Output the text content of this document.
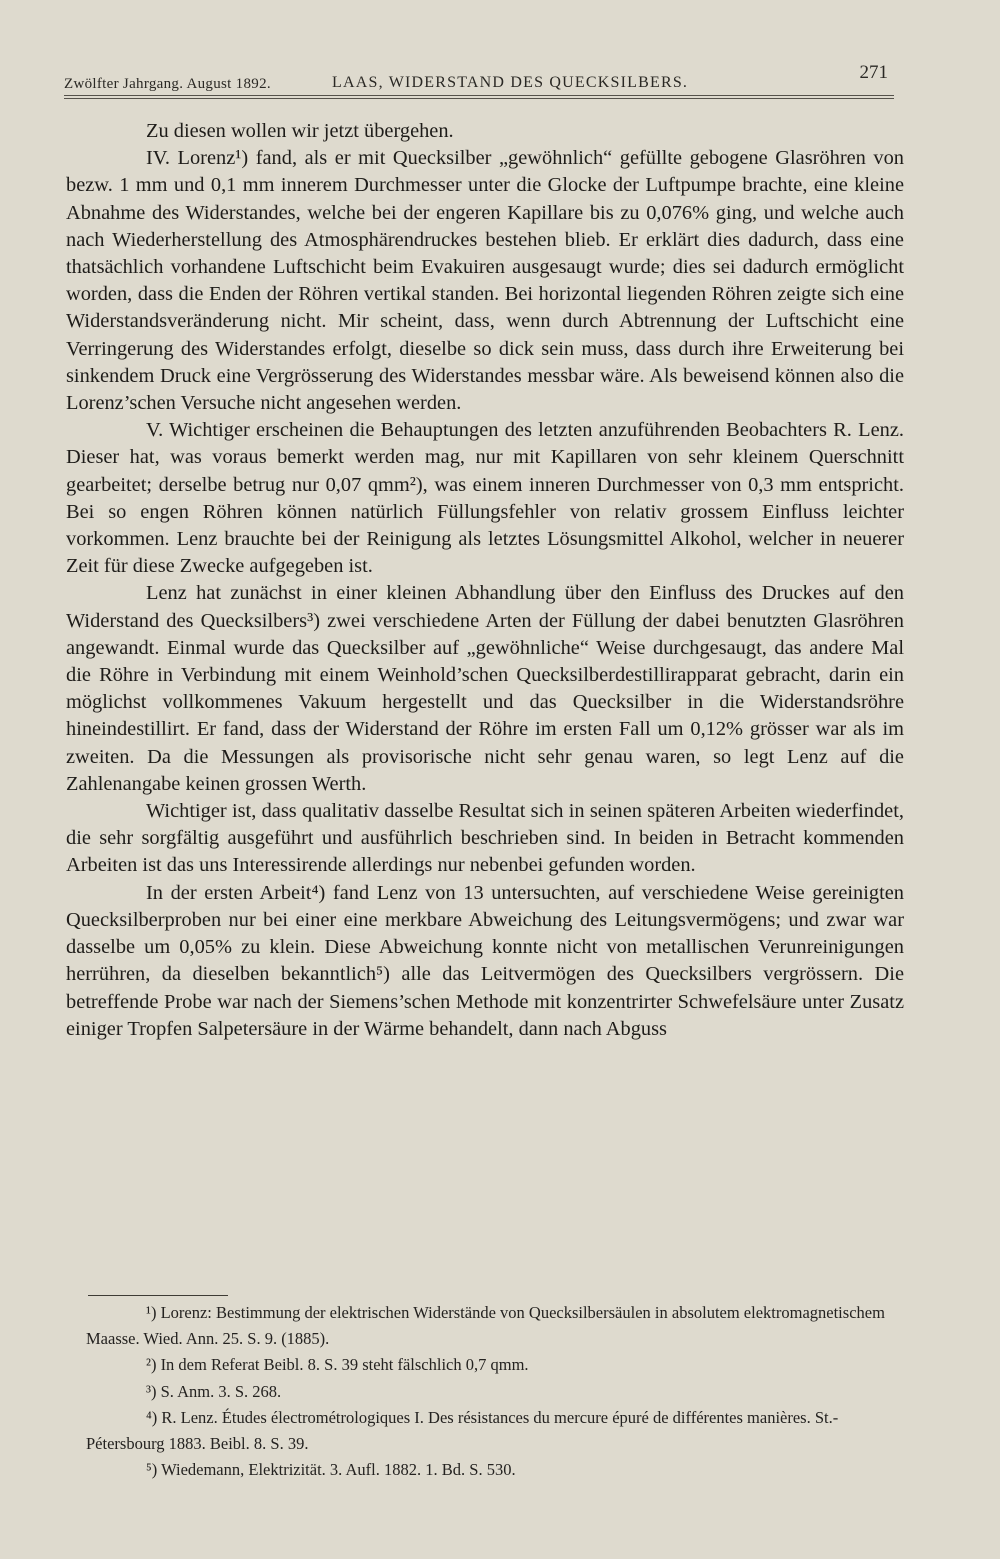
Zwölfter Jahrgang. August 1892.	LAAS, WIDERSTAND DES QUECKSILBERS.	271

Zu diesen wollen wir jetzt übergehen.

IV. Lorenz¹) fand, als er mit Quecksilber „gewöhnlich“ gefüllte gebogene Glasröhren von bezw. 1 mm und 0,1 mm innerem Durchmesser unter die Glocke der Luftpumpe brachte, eine kleine Abnahme des Widerstandes, welche bei der engeren Kapillare bis zu 0,076% ging, und welche auch nach Wiederherstellung des Atmosphärendruckes bestehen blieb. Er erklärt dies dadurch, dass eine thatsächlich vorhandene Luftschicht beim Evakuiren ausgesaugt wurde; dies sei dadurch ermöglicht worden, dass die Enden der Röhren vertikal standen. Bei horizontal liegenden Röhren zeigte sich eine Widerstandsveränderung nicht. Mir scheint, dass, wenn durch Abtrennung der Luftschicht eine Verringerung des Widerstandes erfolgt, dieselbe so dick sein muss, dass durch ihre Erweiterung bei sinkendem Druck eine Vergrösserung des Widerstandes messbar wäre. Als beweisend können also die Lorenz’schen Versuche nicht angesehen werden.

V. Wichtiger erscheinen die Behauptungen des letzten anzuführenden Beobachters R. Lenz. Dieser hat, was voraus bemerkt werden mag, nur mit Kapillaren von sehr kleinem Querschnitt gearbeitet; derselbe betrug nur 0,07 qmm²), was einem inneren Durchmesser von 0,3 mm entspricht. Bei so engen Röhren können natürlich Füllungsfehler von relativ grossem Einfluss leichter vorkommen. Lenz brauchte bei der Reinigung als letztes Lösungsmittel Alkohol, welcher in neuerer Zeit für diese Zwecke aufgegeben ist.

Lenz hat zunächst in einer kleinen Abhandlung über den Einfluss des Druckes auf den Widerstand des Quecksilbers³) zwei verschiedene Arten der Füllung der dabei benutzten Glasröhren angewandt. Einmal wurde das Quecksilber auf „gewöhnliche“ Weise durchgesaugt, das andere Mal die Röhre in Verbindung mit einem Weinhold’schen Quecksilberdestillirapparat gebracht, darin ein möglichst vollkommenes Vakuum hergestellt und das Quecksilber in die Widerstandsröhre hineindestillirt. Er fand, dass der Widerstand der Röhre im ersten Fall um 0,12% grösser war als im zweiten. Da die Messungen als provisorische nicht sehr genau waren, so legt Lenz auf die Zahlenangabe keinen grossen Werth.

Wichtiger ist, dass qualitativ dasselbe Resultat sich in seinen späteren Arbeiten wiederfindet, die sehr sorgfältig ausgeführt und ausführlich beschrieben sind. In beiden in Betracht kommenden Arbeiten ist das uns Interessirende allerdings nur nebenbei gefunden worden.

In der ersten Arbeit⁴) fand Lenz von 13 untersuchten, auf verschiedene Weise gereinigten Quecksilberproben nur bei einer eine merkbare Abweichung des Leitungsvermögens; und zwar war dasselbe um 0,05% zu klein. Diese Abweichung konnte nicht von metallischen Verunreinigungen herrühren, da dieselben bekanntlich⁵) alle das Leitvermögen des Quecksilbers vergrössern. Die betreffende Probe war nach der Siemens’schen Methode mit konzentrirter Schwefelsäure unter Zusatz einiger Tropfen Salpetersäure in der Wärme behandelt, dann nach Abguss

¹) Lorenz: Bestimmung der elektrischen Widerstände von Quecksilbersäulen in absolutem elektromagnetischem Maasse. Wied. Ann. 25. S. 9. (1885).

²) In dem Referat Beibl. 8. S. 39 steht fälschlich 0,7 qmm.

³) S. Anm. 3. S. 268.

⁴) R. Lenz. Études électrométrologiques I. Des résistances du mercure épuré de différentes manières. St.-Pétersbourg 1883. Beibl. 8. S. 39.

⁵) Wiedemann, Elektrizität. 3. Aufl. 1882. 1. Bd. S. 530.
